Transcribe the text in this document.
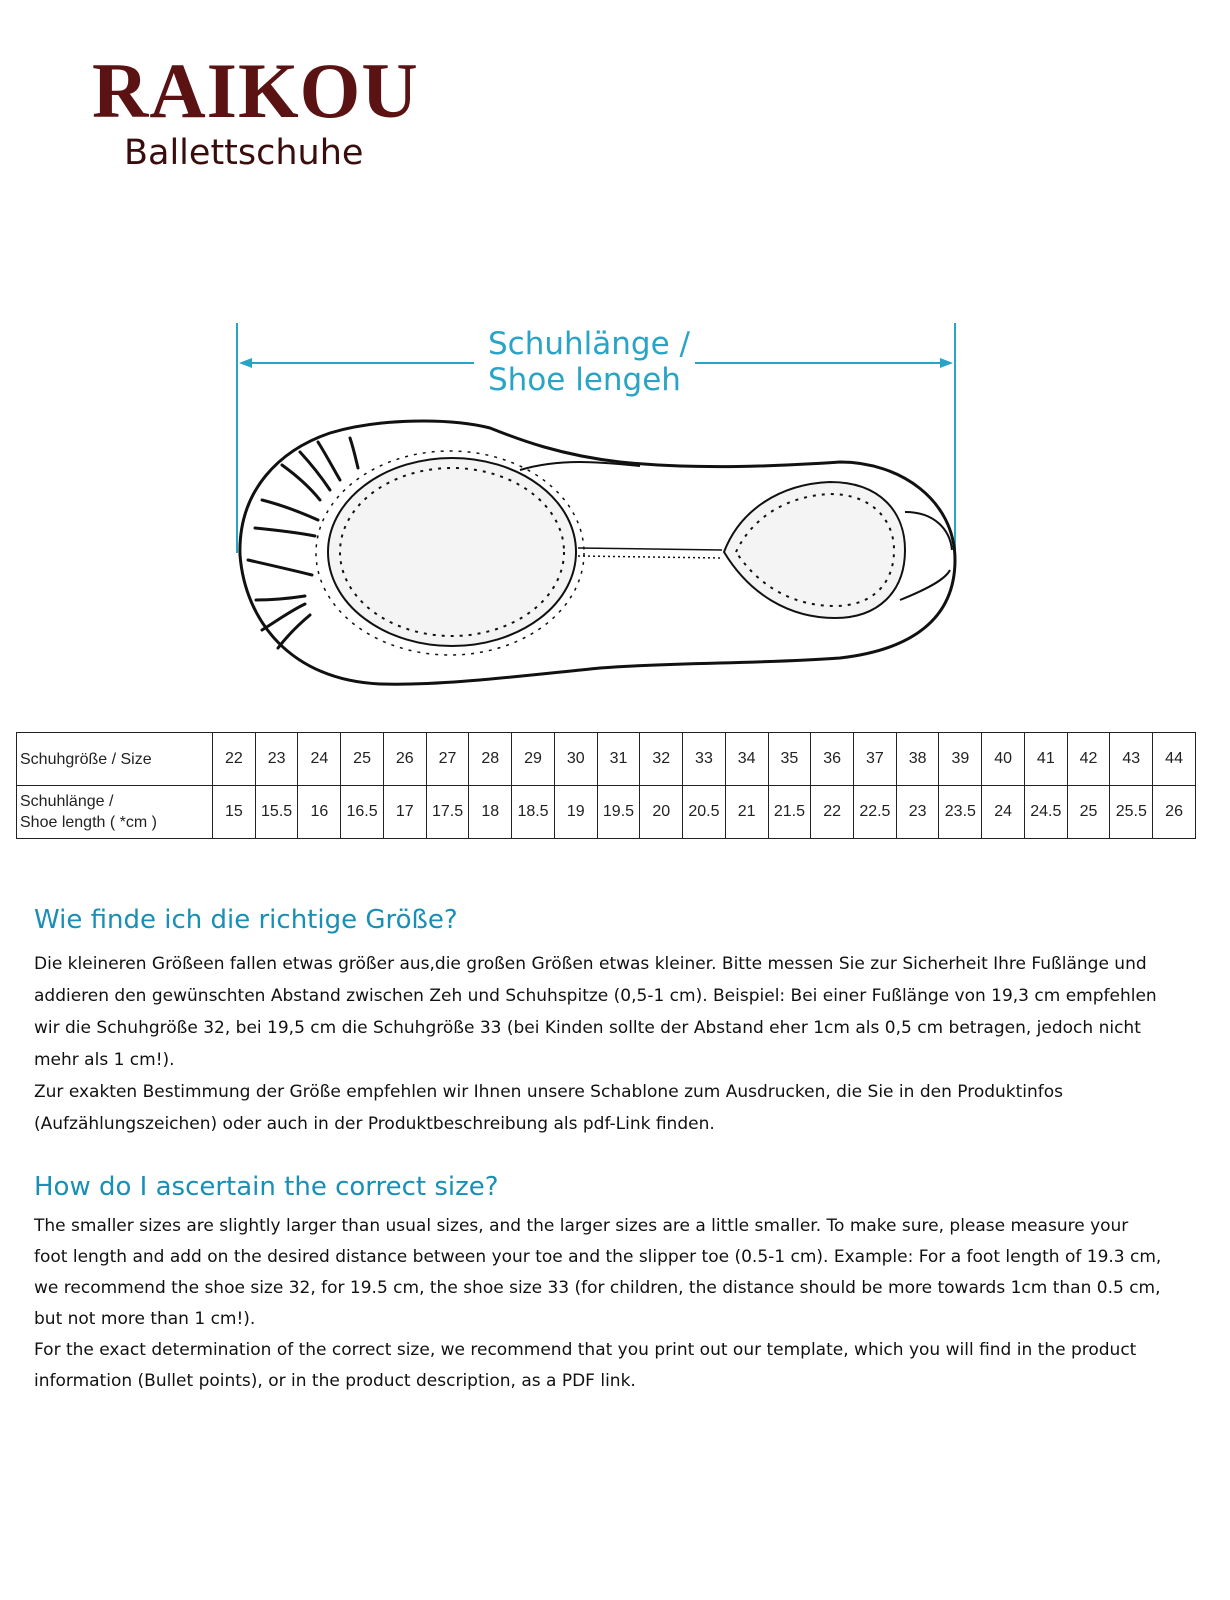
RAIKOU
Ballettschuhe
Schuhlänge /
Shoe lengeh
Schuhgröße / Size	22	23	24	25	26	27	28	29	30	31	32	33	34	35	36	37	38	39	40	41	42	43	44

Schuhlänge /
Shoe length ( *cm )	15	15.5	16	16.5	17	17.5	18	18.5	19	19.5	20	20.5	21	21.5	22	22.5	23	23.5	24	24.5	25	25.5	26
Wie finde ich die richtige Größe?

Die kleineren Größeen fallen etwas größer aus,die großen Größen etwas kleiner. Bitte messen Sie zur Sicherheit Ihre Fußlänge und addieren den gewünschten Abstand zwischen Zeh und Schuhspitze (0,5-1 cm). Beispiel: Bei einer Fußlänge von 19,3 cm empfehlen wir die Schuhgröße 32, bei 19,5 cm die Schuhgröße 33 (bei Kinden sollte der Abstand eher 1cm als 0,5 cm betragen, jedoch nicht mehr als 1 cm!).

Zur exakten Bestimmung der Größe empfehlen wir Ihnen unsere Schablone zum Ausdrucken, die Sie in den Produktinfos (Aufzählungszeichen) oder auch in der Produktbeschreibung als pdf-Link finden.

How do I ascertain the correct size?

The smaller sizes are slightly larger than usual sizes, and the larger sizes are a little smaller. To make sure, please measure your foot length and add on the desired distance between your toe and the slipper toe (0.5-1 cm). Example: For a foot length of 19.3 cm, we recommend the shoe size 32, for 19.5 cm, the shoe size 33 (for children, the distance should be more towards 1cm than 0.5 cm, but not more than 1 cm!).

For the exact determination of the correct size, we recommend that you print out our template, which you will find in the product information (Bullet points), or in the product description, as a PDF link.
